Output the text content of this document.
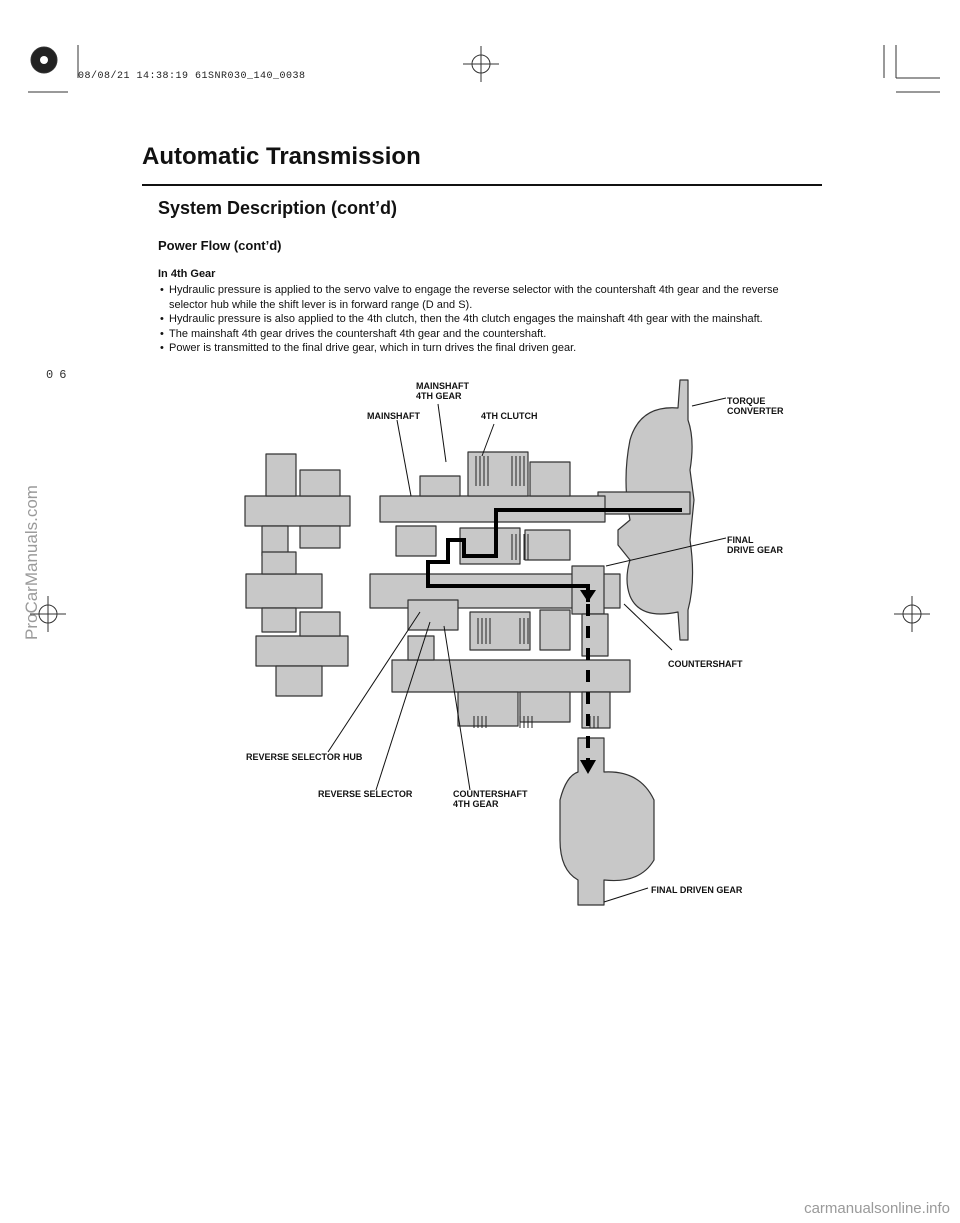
08/08/21 14:38:19 61SNR030_140_0038
06
ProCarManuals.com
Automatic Transmission
System Description (cont’d)
Power Flow (cont’d)
In 4th Gear
• Hydraulic pressure is applied to the servo valve to engage the reverse selector with the countershaft 4th gear and the reverse selector hub while the shift lever is in forward range (D and S).
• Hydraulic pressure is also applied to the 4th clutch, then the 4th clutch engages the mainshaft 4th gear with the mainshaft.
• The mainshaft 4th gear drives the countershaft 4th gear and the countershaft.
• Power is transmitted to the final drive gear, which in turn drives the final driven gear.
MAINSHAFT
4TH GEAR
MAINSHAFT	4TH CLUTCH
TORQUE
CONVERTER
FINAL
DRIVE GEAR
COUNTERSHAFT
REVERSE SELECTOR HUB
REVERSE SELECTOR	COUNTERSHAFT
4TH GEAR
FINAL DRIVEN GEAR
carmanualsonline.info
